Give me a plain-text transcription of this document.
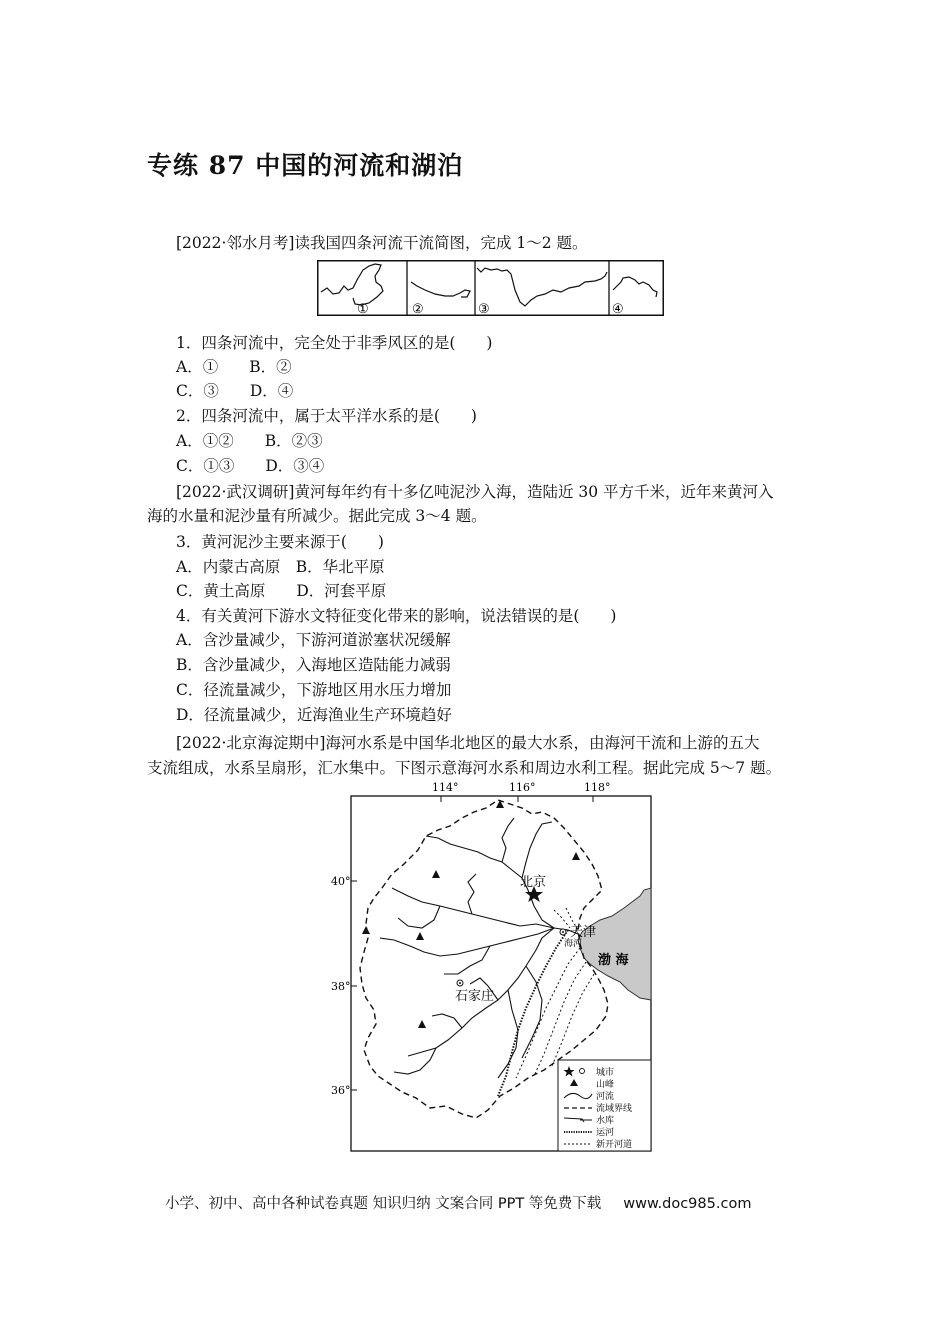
专练 87 中国的河流和湖泊
[2022·邻水月考]读我国四条河流干流简图，完成 1～2 题。
①	②	③	④
1．四条河流中，完全处于非季风区的是(　　)
A．①　　B．②
C．③　　D．④
2．四条河流中，属于太平洋水系的是(　　)
A．①②　　B．②③
C．①③　　D．③④
[2022·武汉调研]黄河每年约有十多亿吨泥沙入海，造陆近 30 平方千米，近年来黄河入
海的水量和泥沙量有所减少。据此完成 3～4 题。
3．黄河泥沙主要来源于(　　)
A．内蒙古高原　B．华北平原
C．黄土高原　　D．河套平原
4．有关黄河下游水文特征变化带来的影响，说法错误的是(　　)
A．含沙量减少，下游河道淤塞状况缓解
B．含沙量减少，入海地区造陆能力减弱
C．径流量减少，下游地区用水压力增加
D．径流量减少，近海渔业生产环境趋好
[2022·北京海淀期中]海河水系是中国华北地区的最大水系，由海河干流和上游的五大
支流组成，水系呈扇形，汇水集中。下图示意海河水系和周边水利工程。据此完成 5～7 题。
114°	116°	118°
40°
38°
36°
渤 海
北京
天津
海河
石家庄
城市
山峰
河流
流域界线
水库
运河
新开河道
小学、初中、高中各种试卷真题 知识归纳 文案合同 PPT 等免费下载 www.doc985.com
